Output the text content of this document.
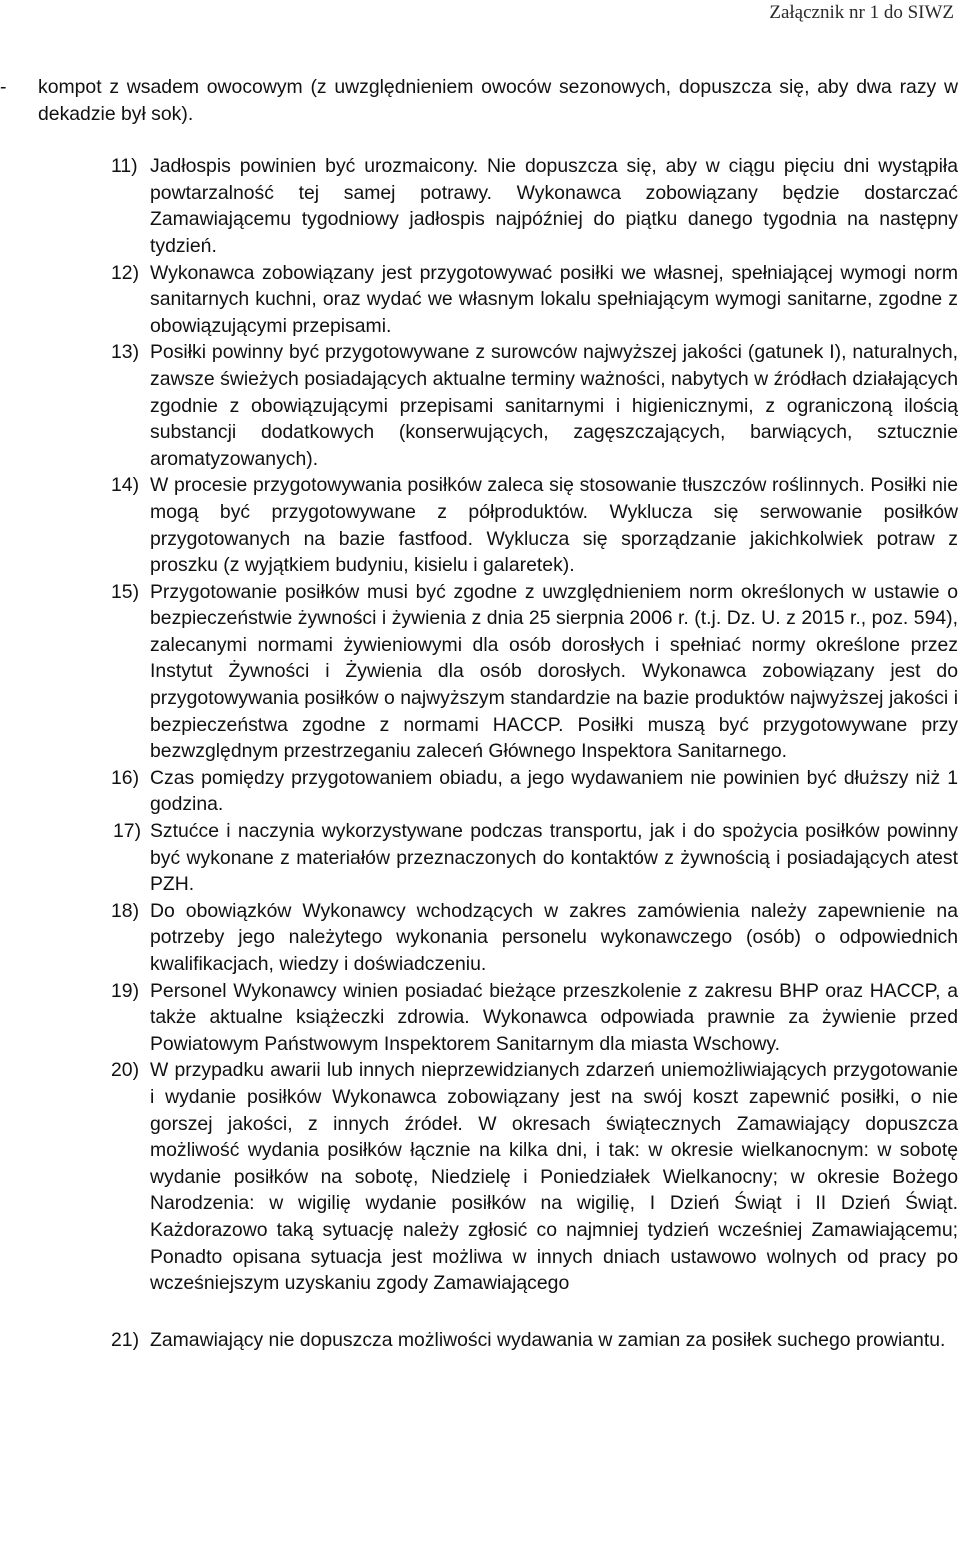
Załącznik nr 1 do SIWZ

- kompot z wsadem owocowym (z uwzględnieniem owoców sezonowych, dopuszcza się, aby dwa razy w dekadzie był sok).

11) Jadłospis powinien być urozmaicony. Nie dopuszcza się, aby w ciągu pięciu dni wystąpiła powtarzalność tej samej potrawy. Wykonawca zobowiązany będzie dostarczać Zamawiającemu tygodniowy jadłospis najpóźniej do piątku danego tygodnia na następny tydzień.

12) Wykonawca zobowiązany jest przygotowywać posiłki we własnej, spełniającej wymogi norm sanitarnych kuchni, oraz wydać we własnym lokalu spełniającym wymogi sanitarne, zgodne z obowiązującymi przepisami.

13) Posiłki powinny być przygotowywane z surowców najwyższej jakości (gatunek I), naturalnych, zawsze świeżych posiadających aktualne terminy ważności, nabytych w źródłach działających zgodnie z obowiązującymi przepisami sanitarnymi i higienicznymi, z ograniczoną ilością substancji dodatkowych (konserwujących, zagęszczających, barwiących, sztucznie aromatyzowanych).

14) W procesie przygotowywania posiłków zaleca się stosowanie tłuszczów roślinnych. Posiłki nie mogą być przygotowywane z półproduktów. Wyklucza się serwowanie posiłków przygotowanych na bazie fastfood. Wyklucza się sporządzanie jakichkolwiek potraw z proszku (z wyjątkiem budyniu, kisielu i galaretek).

15) Przygotowanie posiłków musi być zgodne z uwzględnieniem norm określonych w ustawie o bezpieczeństwie żywności i żywienia z dnia 25 sierpnia 2006 r. (t.j. Dz. U. z 2015 r., poz. 594), zalecanymi normami żywieniowymi dla osób dorosłych i spełniać normy określone przez Instytut Żywności i Żywienia dla osób dorosłych. Wykonawca zobowiązany jest do przygotowywania posiłków o najwyższym standardzie na bazie produktów najwyższej jakości i bezpieczeństwa zgodne z normami HACCP. Posiłki muszą być przygotowywane przy bezwzględnym przestrzeganiu zaleceń Głównego Inspektora Sanitarnego.

16) Czas pomiędzy przygotowaniem obiadu, a jego wydawaniem nie powinien być dłuższy niż 1 godzina.

17) Sztućce i naczynia wykorzystywane podczas transportu, jak i do spożycia posiłków powinny być wykonane z materiałów przeznaczonych do kontaktów z żywnością i posiadających atest PZH.

18) Do obowiązków Wykonawcy wchodzących w zakres zamówienia należy zapewnienie na potrzeby jego należytego wykonania personelu wykonawczego (osób) o odpowiednich kwalifikacjach, wiedzy i doświadczeniu.

19) Personel Wykonawcy winien posiadać bieżące przeszkolenie z zakresu BHP oraz HACCP, a także aktualne książeczki zdrowia. Wykonawca odpowiada prawnie za żywienie przed Powiatowym Państwowym Inspektorem Sanitarnym dla miasta Wschowy.

20) W przypadku awarii lub innych nieprzewidzianych zdarzeń uniemożliwiających przygotowanie i wydanie posiłków Wykonawca zobowiązany jest na swój koszt zapewnić posiłki, o nie gorszej jakości, z innych źródeł. W okresach świątecznych Zamawiający dopuszcza możliwość wydania posiłków łącznie na kilka dni, i tak: w okresie wielkanocnym: w sobotę wydanie posiłków na sobotę, Niedzielę i Poniedziałek Wielkanocny; w okresie Bożego Narodzenia: w wigilię wydanie posiłków na wigilię, I Dzień Świąt i II Dzień Świąt. Każdorazowo taką sytuację należy zgłosić co najmniej tydzień wcześniej Zamawiającemu; Ponadto opisana sytuacja jest możliwa w innych dniach ustawowo wolnych od pracy po wcześniejszym uzyskaniu zgody Zamawiającego

21) Zamawiający nie dopuszcza możliwości wydawania w zamian za posiłek suchego prowiantu.
